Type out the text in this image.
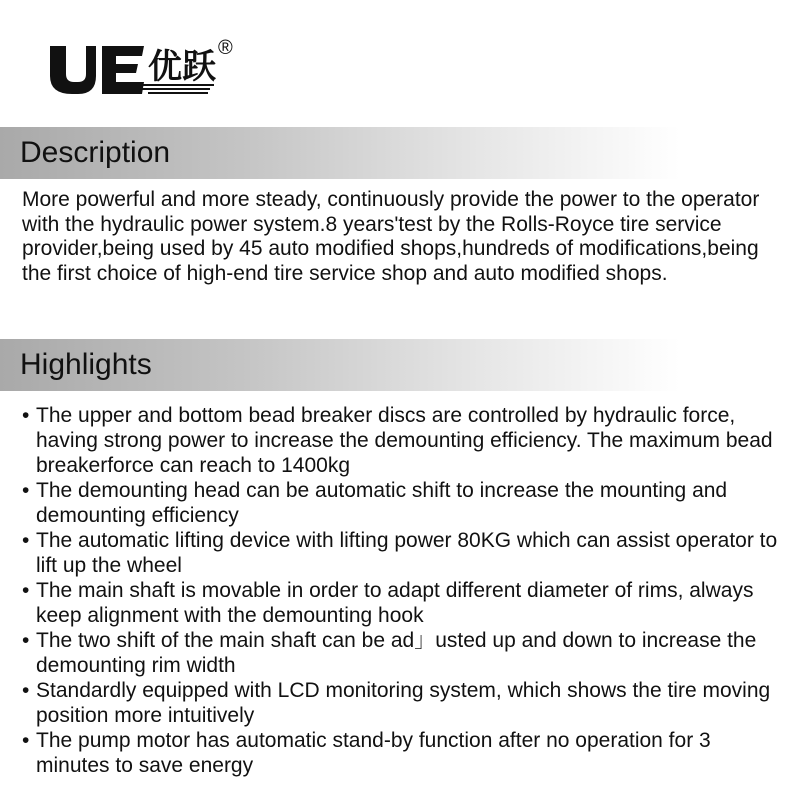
优跃 ®
Description

More powerful and more steady, continuously provide the power to the operator with the hydraulic power system.8 years'test by the Rolls-Royce tire service provider,being used by 45 auto modified shops,hundreds of modifications,being the first choice of high-end tire service shop and auto modified shops.

Highlights
• The upper and bottom bead breaker discs are controlled by hydraulic force, having strong power to increase the demounting efficiency. The maximum bead breakerforce can reach to 1400kg
• The demounting head can be automatic shift to increase the mounting and demounting efficiency
• The automatic lifting device with lifting power 80KG which can assist operator to lift up the wheel
• The main shaft is movable in order to adapt different diameter of rims, always keep alignment with the demounting hook
• The two shift of the main shaft can be ad」usted up and down to increase the demounting rim width
• Standardly equipped with LCD monitoring system, which shows the tire moving position more intuitively
• The pump motor has automatic stand-by function after no operation for 3 minutes to save energy
